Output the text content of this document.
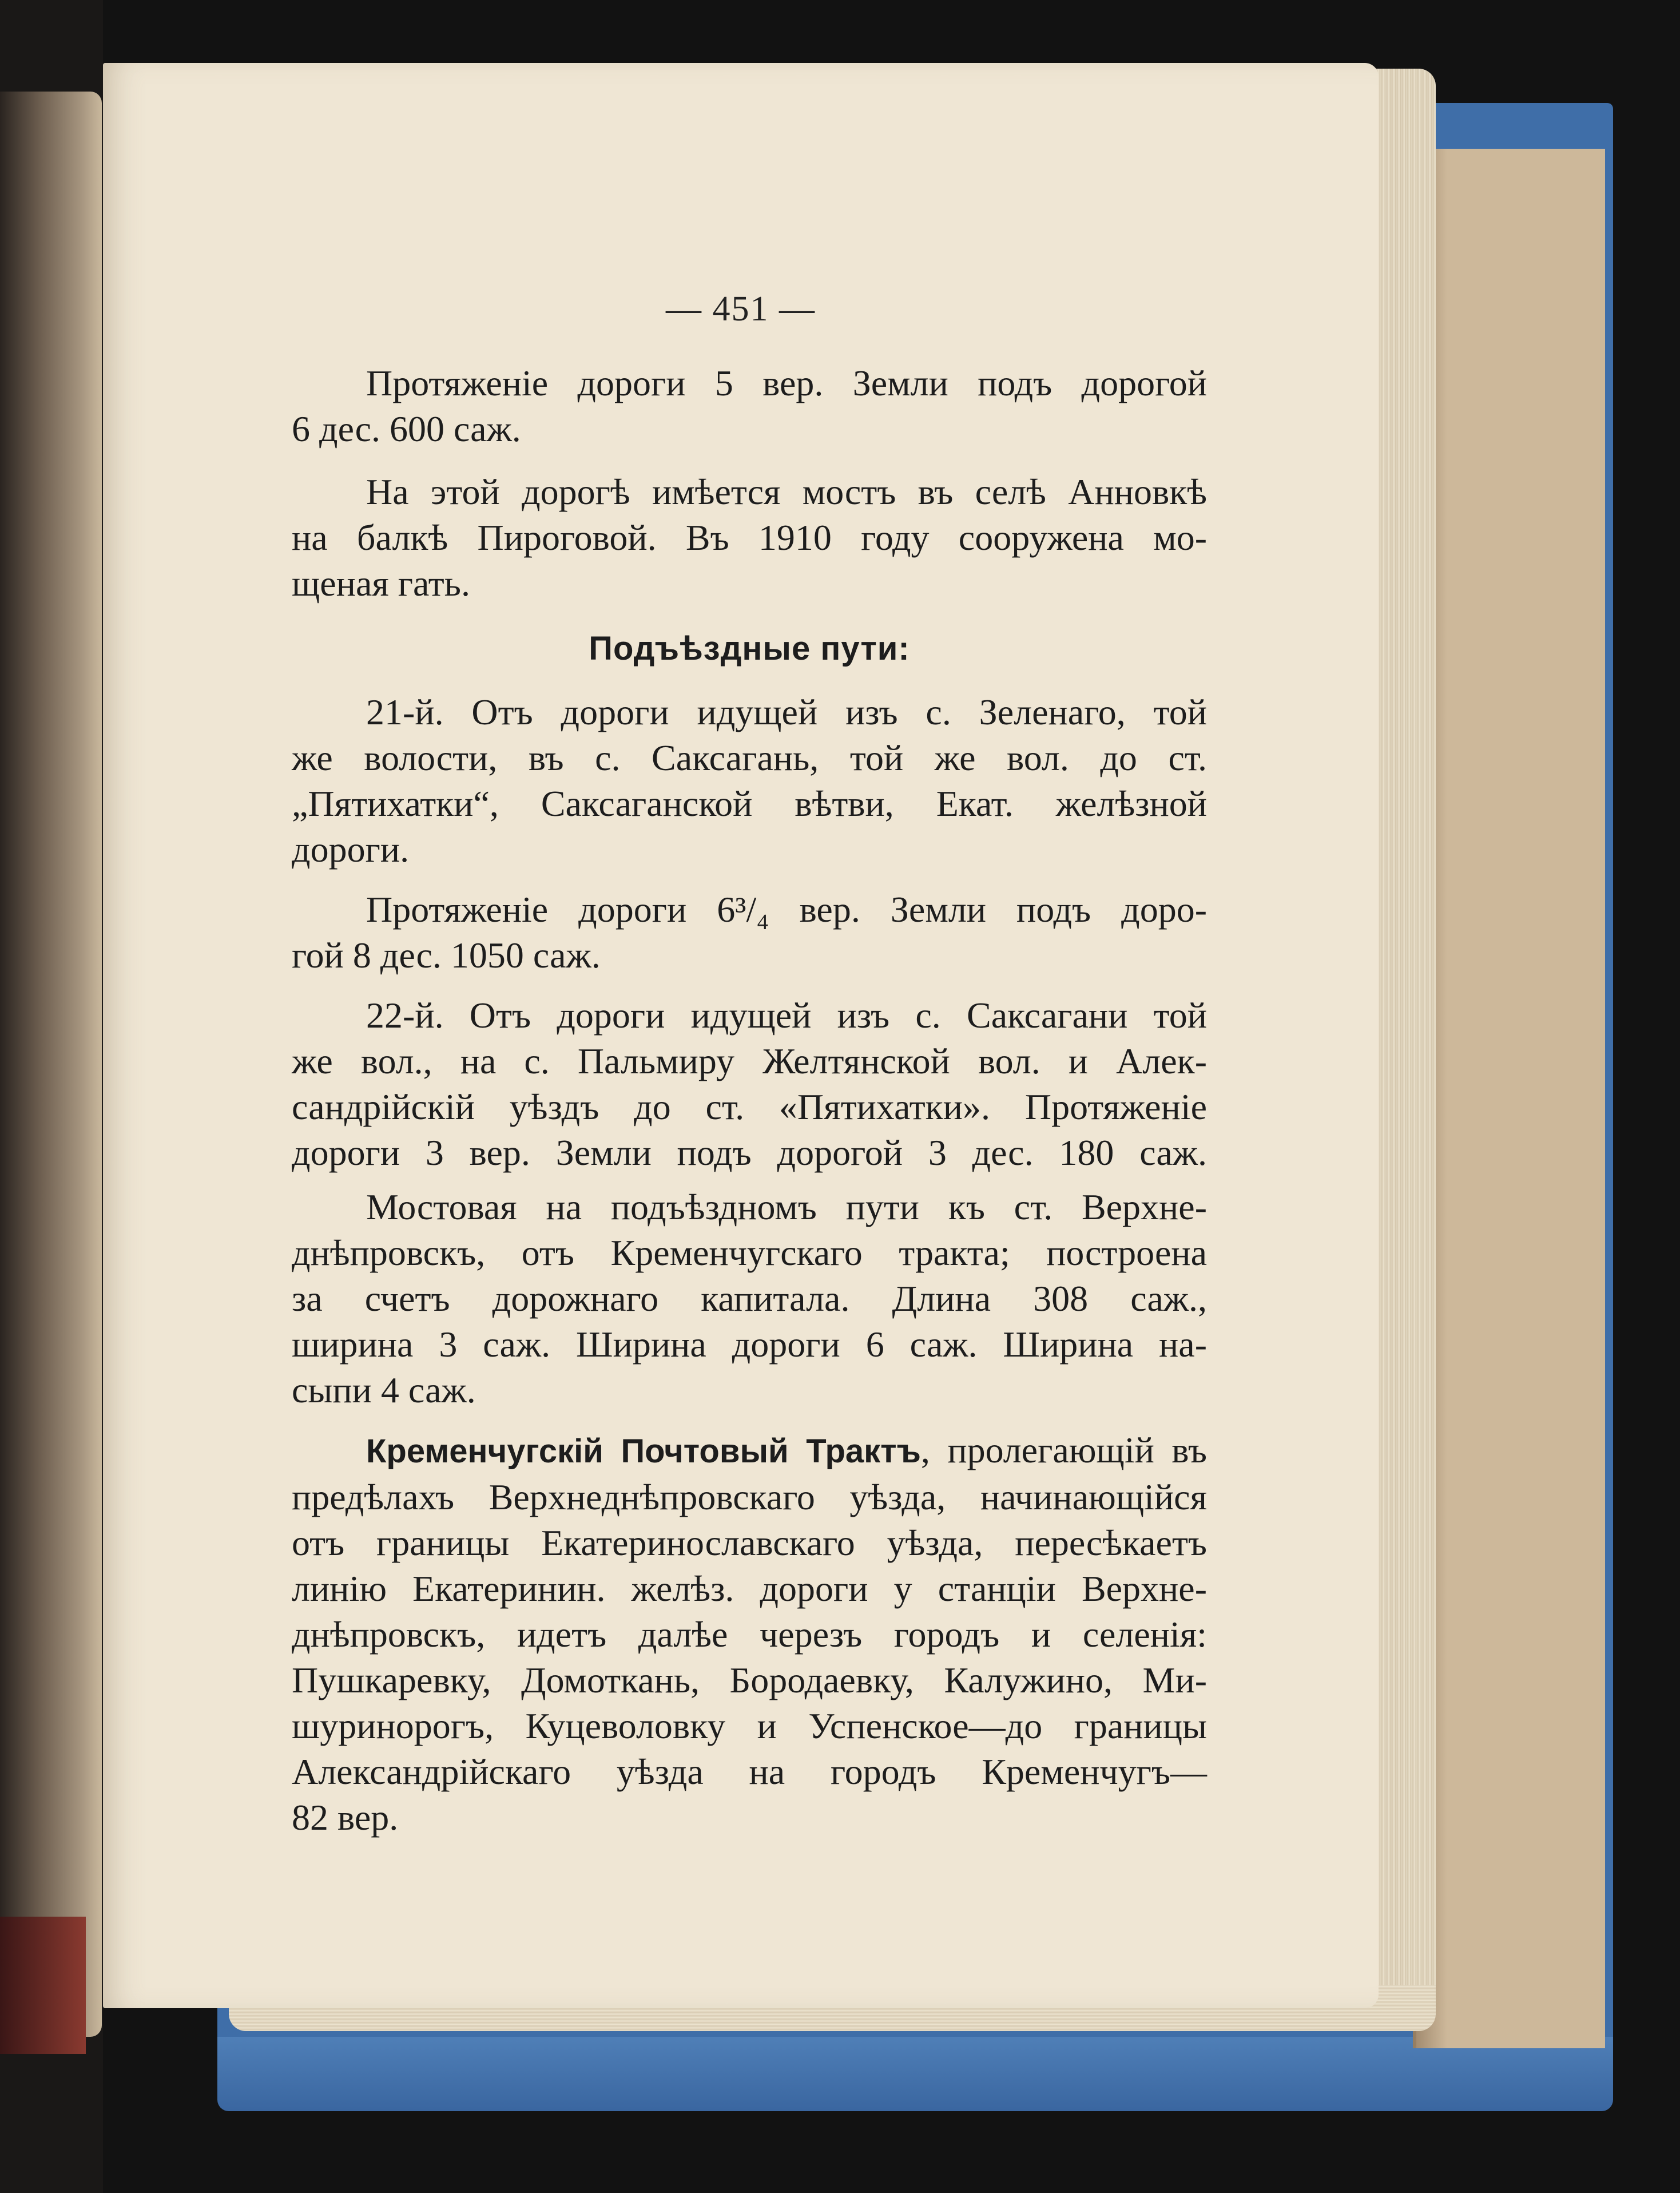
— 451 —
Протяженіе дороги 5 вер. Земли подъ дорогой
6 дес. 600 саж.
На этой дорогѣ имѣется мостъ въ селѣ Анновкѣ
на балкѣ Пироговой. Въ 1910 году сооружена мо-
щеная гать.
Подъѣздные пути:
21-й. Отъ дороги идущей изъ с. Зеленаго, той
же волости, въ с. Саксагань, той же вол. до ст.
„Пятихатки“, Саксаганской вѣтви, Екат. желѣзной
дороги.
Протяженіе дороги 6³/₄ вер. Земли подъ доро-
гой 8 дес. 1050 саж.
22-й. Отъ дороги идущей изъ с. Саксагани той
же вол., на с. Пальмиру Желтянской вол. и Алек-
сандрійскій уѣздъ до ст. «Пятихатки». Протяженіе
дороги 3 вер. Земли подъ дорогой 3 дес. 180 саж.
Мостовая на подъѣздномъ пути къ ст. Верхне-
днѣпровскъ, отъ Кременчугскаго тракта; построена
за счетъ дорожнаго капитала. Длина 308 саж.,
ширина 3 саж. Ширина дороги 6 саж. Ширина на-
сыпи 4 саж.
Кременчугскій Почтовый Трактъ, пролегающій въ
предѣлахъ Верхнеднѣпровскаго уѣзда, начинающійся
отъ границы Екатеринославскаго уѣзда, пересѣкаетъ
линію Екатеринин. желѣз. дороги у станціи Верхне-
днѣпровскъ, идетъ далѣе черезъ городъ и селенія:
Пушкаревку, Домоткань, Бородаевку, Калужино, Ми-
шуринорогъ, Куцеволовку и Успенское—до границы
Александрійскаго уѣзда на городъ Кременчугъ—
82 вер.
